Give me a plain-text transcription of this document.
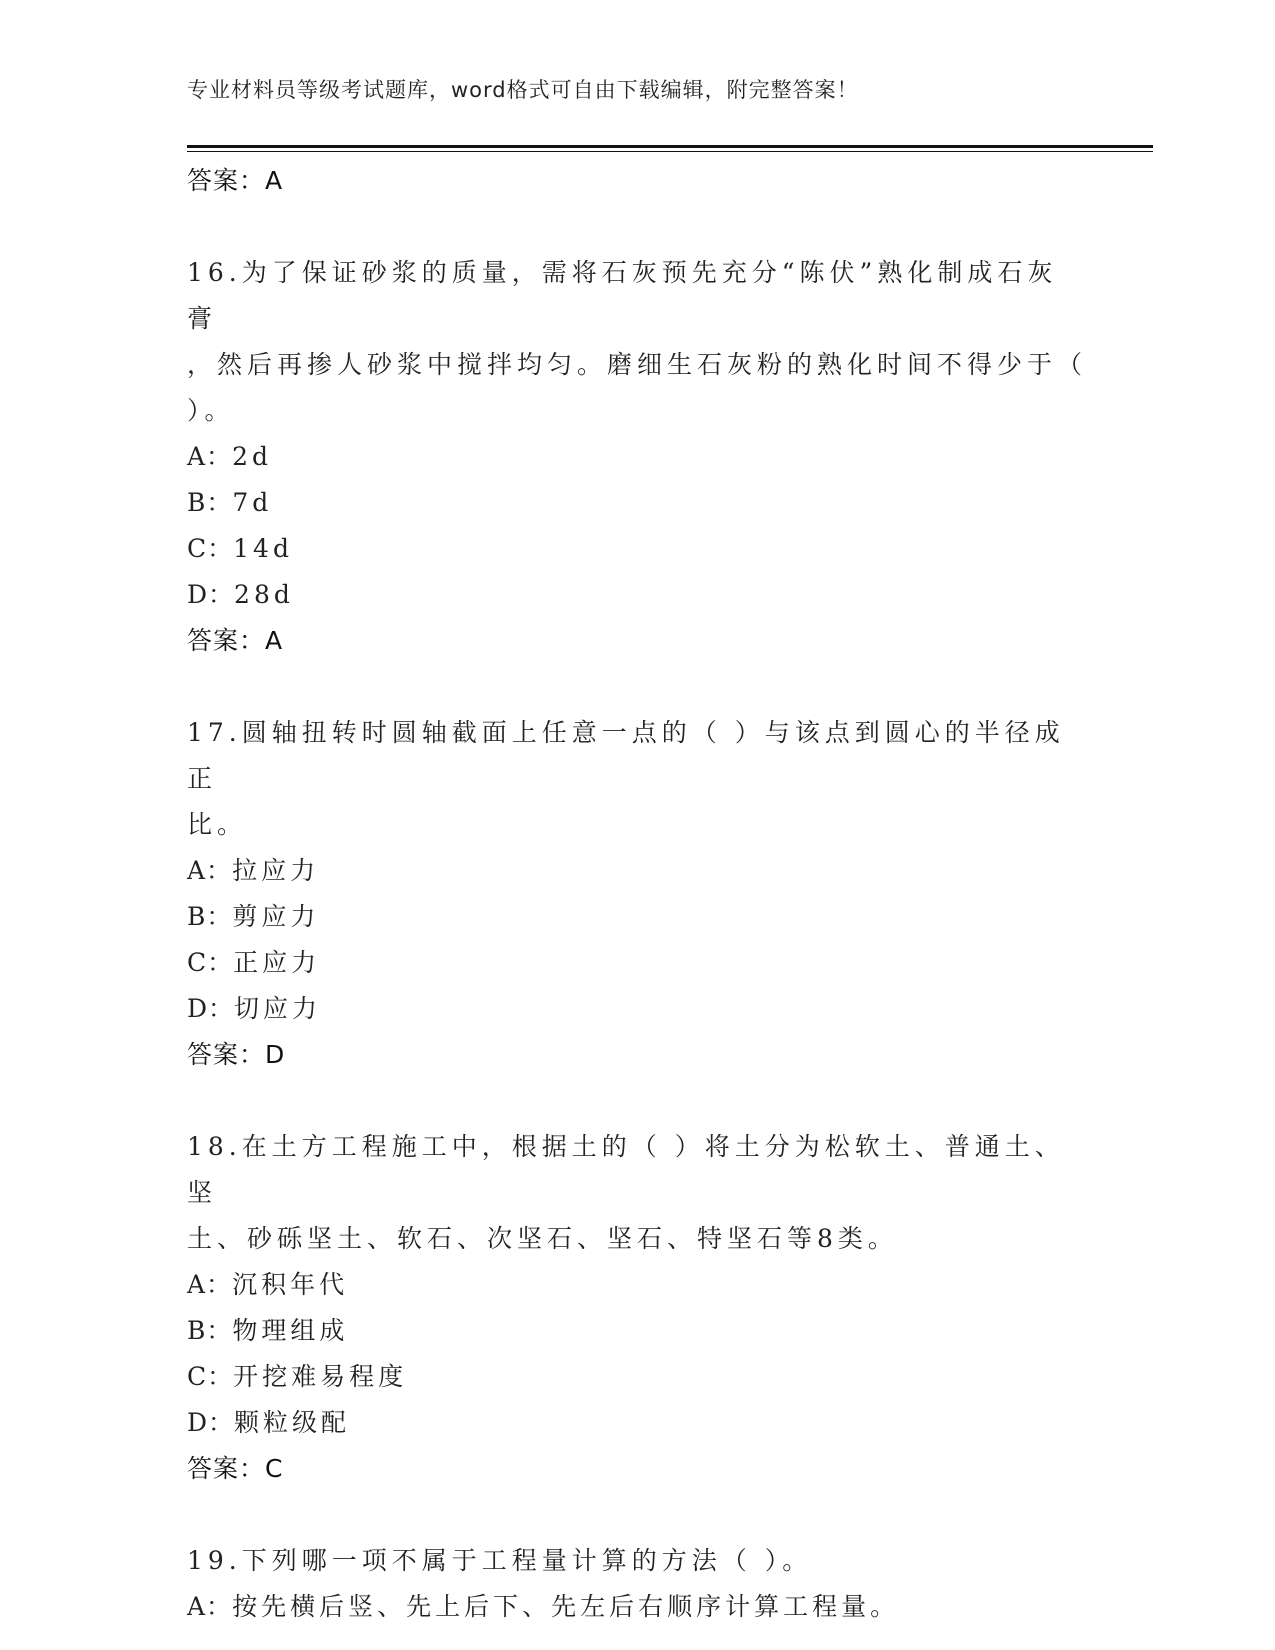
专业材料员等级考试题库，word格式可自由下载编辑，附完整答案！
答案：A
16.为了保证砂浆的质量，需将石灰预先充分“陈伏”熟化制成石灰膏
，然后再掺人砂浆中搅拌均匀。磨细生石灰粉的熟化时间不得少于（
）。
A：2d
B：7d
C：14d
D：28d
答案：A
17.圆轴扭转时圆轴截面上任意一点的（ ）与该点到圆心的半径成正
比。
A：拉应力
B：剪应力
C：正应力
D：切应力
答案：D
18.在土方工程施工中，根据土的（ ）将土分为松软土、普通土、坚
土、砂砾坚土、软石、次坚石、坚石、特坚石等8类。
A：沉积年代
B：物理组成
C：开挖难易程度
D：颗粒级配
答案：C
19.下列哪一项不属于工程量计算的方法（ ）。
A：按先横后竖、先上后下、先左后右顺序计算工程量。
